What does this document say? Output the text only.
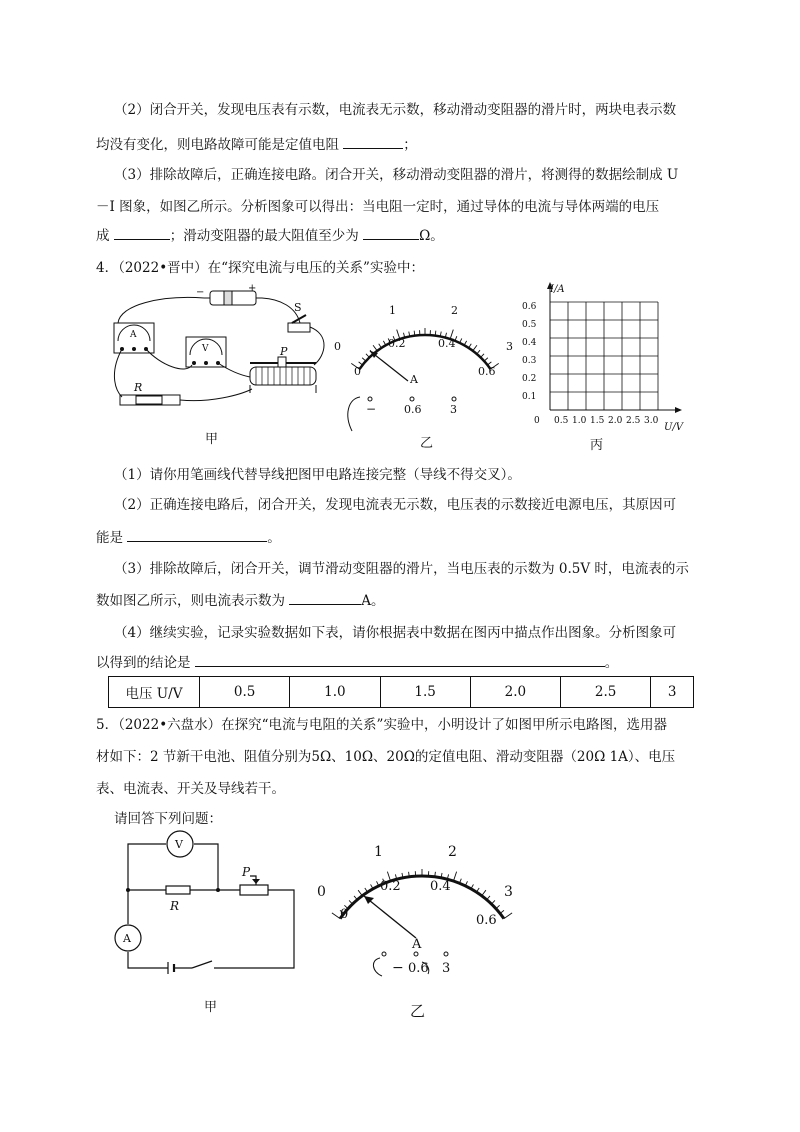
（2）闭合开关，发现电压表有示数，电流表无示数，移动滑动变阻器的滑片时，两块电表示数
均没有变化，则电路故障可能是定值电阻	；
（3）排除故障后，正确连接电路。闭合开关，移动滑动变阻器的滑片，将测得的数据绘制成 U
－I 图象，如图乙所示。分析图象可以得出：当电阻一定时，通过导体的电流与导体两端的电压
成	；滑动变阻器的最大阻值至少为	Ω。
4．（2022•晋中）在“探究电流与电压的关系”实验中：
−	+
S
A
V	P
R
甲
0
1	2
3
0
0.2	0.4
0.6
A
−	0.6	3
乙
I/A
U/V
0
0.1
0.2
0.3
0.4
0.5
0.6
0.5 1.0 1.5 2.0 2.5 3.0
丙
（1）请你用笔画线代替导线把图甲电路连接完整（导线不得交叉）。
（2）正确连接电路后，闭合开关，发现电流表无示数，电压表的示数接近电源电压，其原因可
能是	。
（3）排除故障后，闭合开关，调节滑动变阻器的滑片，当电压表的示数为 0.5V 时，电流表的示
数如图乙所示，则电流表示数为	A。
（4）继续实验，记录实验数据如下表，请你根据表中数据在图丙中描点作出图象。分析图象可
以得到的结论是	。
电压 U/V	0.5	1.0	1.5	2.0	2.5	3
5．（2022•六盘水）在探究“电流与电阻的关系”实验中，小明设计了如图甲所示电路图，选用器
材如下：2 节新干电池、阻值分别为5Ω、10Ω、20Ω的定值电阻、滑动变阻器（20Ω 1A）、电压
表、电流表、开关及导线若干。
请回答下列问题：
V
A
R
P
甲
0
1	2
3
0
0.2 0.4
0.6
A
− 0.6 3
乙
